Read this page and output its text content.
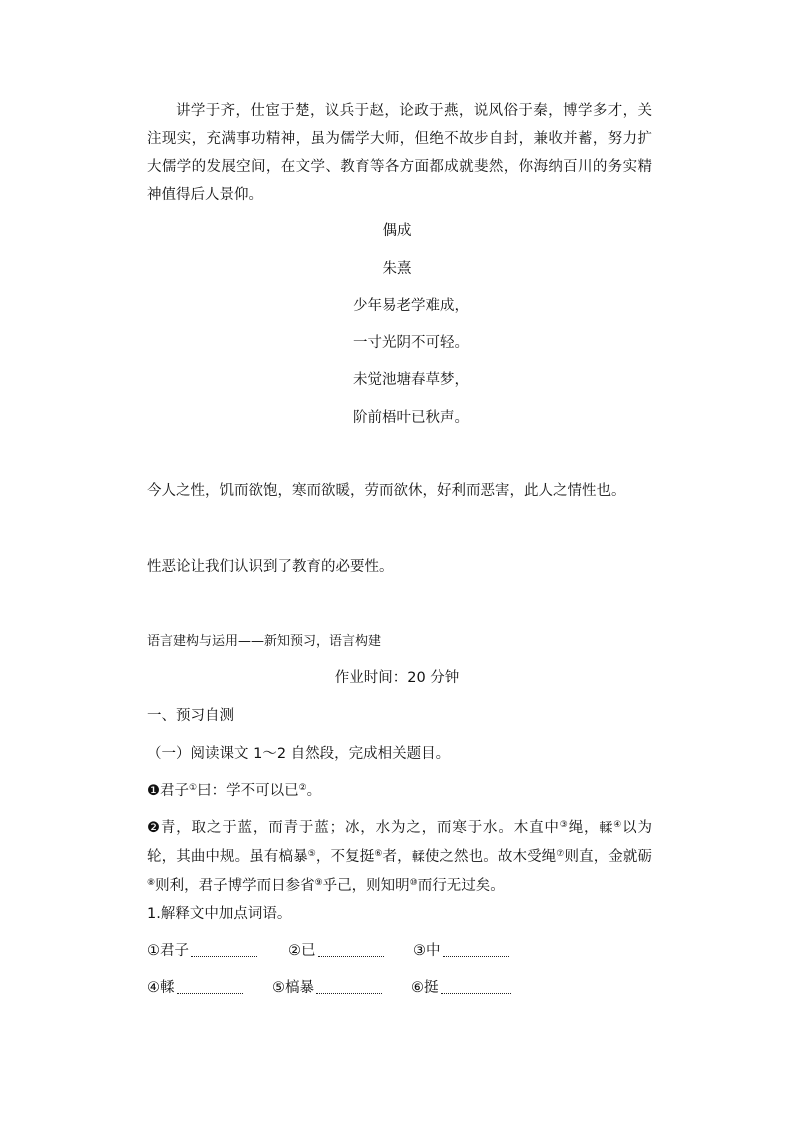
讲学于齐，仕宦于楚，议兵于赵，论政于燕，说风俗于秦，博学多才，关注现实，充满事功精神，虽为儒学大师，但绝不故步自封，兼收并蓄，努力扩大儒学的发展空间，在文学、教育等各方面都成就斐然，你海纳百川的务实精神值得后人景仰。
偶成
朱熹
少年易老学难成，
一寸光阴不可轻。
未觉池塘春草梦，
阶前梧叶已秋声。
今人之性，饥而欲饱，寒而欲暖，劳而欲休，好利而恶害，此人之情性也。
性恶论让我们认识到了教育的必要性。
语言建构与运用——新知预习，语言构建
作业时间：20 分钟
一、预习自测
（一）阅读课文 1～2 自然段，完成相关题目。
❶君子①曰：学不可以已②。
❷青，取之于蓝，而青于蓝；冰，水为之，而寒于水。木直中③绳，輮④以为轮，其曲中规。虽有槁暴⑤，不复挺⑥者，輮使之然也。故木受绳⑦则直，金就砺⑧则利，君子博学而日参省⑨乎己，则知明⑩而行无过矣。
1.解释文中加点词语。
①君子	②已	③中
④輮	⑤槁暴	⑥挺
